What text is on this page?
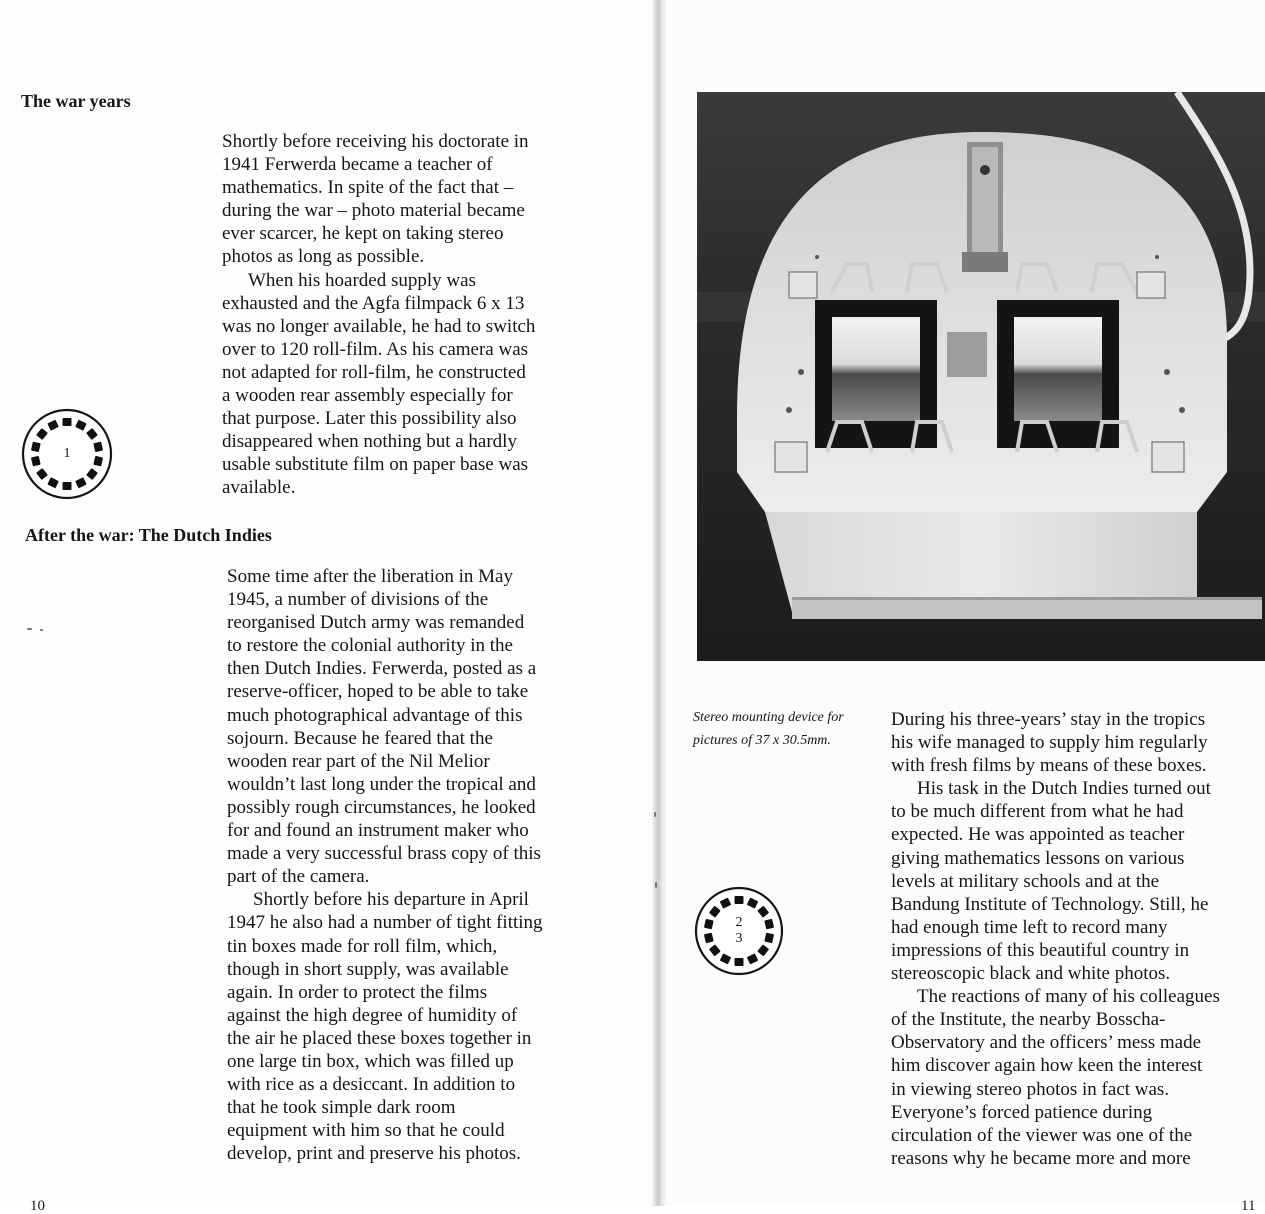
The war years
Shortly before receiving his doctorate in
1941 Ferwerda became a teacher of
mathematics. In spite of the fact that –
during the war – photo material became
ever scarcer, he kept on taking stereo
photos as long as possible.
When his hoarded supply was
exhausted and the Agfa filmpack 6 x 13
was no longer available, he had to switch
over to 120 roll-film. As his camera was
not adapted for roll-film, he constructed
a wooden rear assembly especially for
that purpose. Later this possibility also
disappeared when nothing but a hardly
usable substitute film on paper base was
available.
1
After the war: The Dutch Indies
Some time after the liberation in May
1945, a number of divisions of the
reorganised Dutch army was remanded
to restore the colonial authority in the
then Dutch Indies. Ferwerda, posted as a
reserve-officer, hoped to be able to take
much photographical advantage of this
sojourn. Because he feared that the
wooden rear part of the Nil Melior
wouldn’t last long under the tropical and
possibly rough circumstances, he looked
for and found an instrument maker who
made a very successful brass copy of this
part of the camera.
Shortly before his departure in April
1947 he also had a number of tight fitting
tin boxes made for roll film, which,
though in short supply, was available
again. In order to protect the films
against the high degree of humidity of
the air he placed these boxes together in
one large tin box, which was filled up
with rice as a desiccant. In addition to
that he took simple dark room
equipment with him so that he could
develop, print and preserve his photos.
10
Stereo mounting device for
pictures of 37 x 30.5mm.
During his three-years’ stay in the tropics
his wife managed to supply him regularly
with fresh films by means of these boxes.
His task in the Dutch Indies turned out
to be much different from what he had
expected. He was appointed as teacher
giving mathematics lessons on various
levels at military schools and at the
Bandung Institute of Technology. Still, he
had enough time left to record many
impressions of this beautiful country in
stereoscopic black and white photos.
The reactions of many of his colleagues
of the Institute, the nearby Bosscha-
Observatory and the officers’ mess made
him discover again how keen the interest
in viewing stereo photos in fact was.
Everyone’s forced patience during
circulation of the viewer was one of the
reasons why he became more and more
2
3
11
